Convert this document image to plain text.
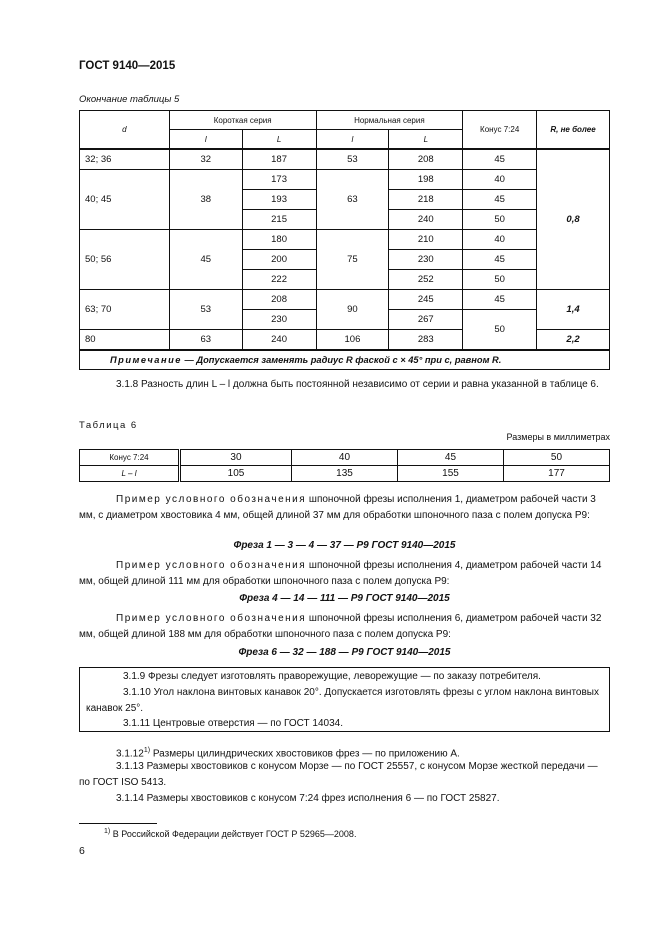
ГОСТ 9140—2015
Окончание таблицы 5
d	Короткая серия		Нормальная серия		Конус 7:24	R, не более
	l	L	l	L		
32; 36	32	187	53	208	45	0,8
40; 45	38	173	63	198	40	
		193		218	45	
		215		240	50	
50; 56	45	180	75	210	40	
		200		230	45	
		222		252	50	
63; 70	53	208	90	245	45	1,4
		230		267	50	
80	63	240	106	283		2,2
Примечание — Допускается заменять радиус R фаской с × 45° при с, равном R.						
3.1.8 Разность длин L – l должна быть постоянной независимо от серии и равна указанной в таблице 6.
Таблица 6
Размеры в миллиметрах
Конус 7:24	30	40	45	50
L – l	105	135	155	177
Пример условного обозначения шпоночной фрезы исполнения 1, диаметром рабочей части 3 мм, с диаметром хвостовика 4 мм, общей длиной 37 мм для обработки шпоночного паза с полем допуска Р9:
Фреза 1 — 3 — 4 — 37 — Р9 ГОСТ 9140—2015
Пример условного обозначения шпоночной фрезы исполнения 4, диаметром рабочей части 14 мм, общей длиной 111 мм для обработки шпоночного паза с полем допуска Р9:
Фреза 4 — 14 — 111 — Р9 ГОСТ 9140—2015
Пример условного обозначения шпоночной фрезы исполнения 6, диаметром рабочей части 32 мм, общей длиной 188 мм для обработки шпоночного паза с полем допуска Р9:
Фреза 6 — 32 — 188 — Р9 ГОСТ 9140—2015
3.1.9 Фрезы следует изготовлять праворежущие, леворежущие — по заказу потребителя.
3.1.10 Угол наклона винтовых канавок 20°. Допускается изготовлять фрезы с углом наклона винтовых канавок 25°.
3.1.11 Центровые отверстия — по ГОСТ 14034.
3.1.12$^{1)}$ Размеры цилиндрических хвостовиков фрез — по приложению А.
3.1.13 Размеры хвостовиков с конусом Морзе — по ГОСТ 25557, с конусом Морзе жесткой передачи — по ГОСТ ISO 5413.
3.1.14 Размеры хвостовиков с конусом 7:24 фрез исполнения 6 — по ГОСТ 25827.
$^{1)}$ В Российской Федерации действует ГОСТ Р 52965—2008.
6
